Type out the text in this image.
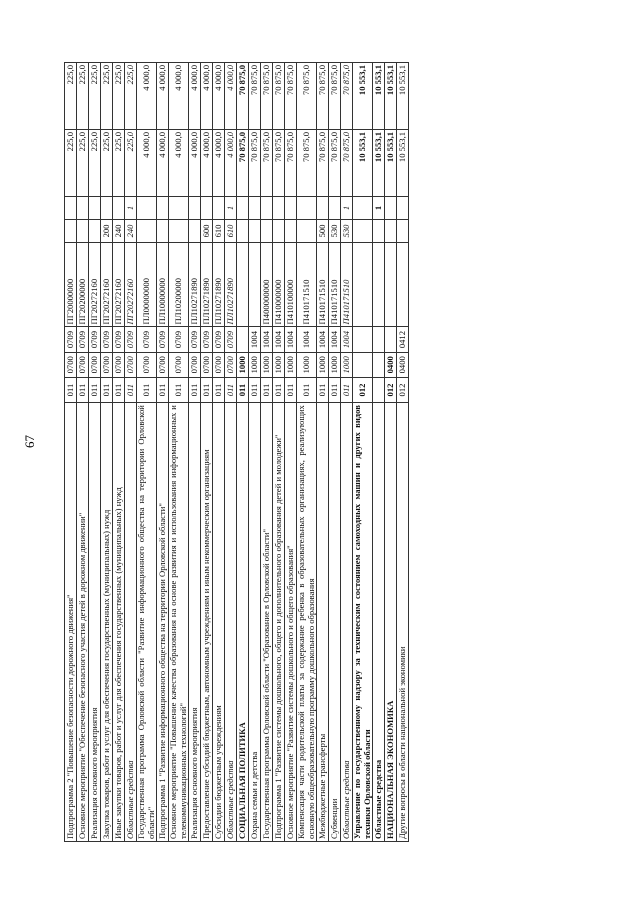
67
Подпрограмма 2 "Повышение безопасности дорожного движения"	011	0700	0709	ПГ20000000			225,0	225,0
Основное мероприятие "Обеспечение безопасного участия детей в дорожном движении"	011	0700	0709	ПГ20200000			225,0	225,0
Реализация основного мероприятия	011	0700	0709	ПГ20272160			225,0	225,0
Закупка товаров, работ и услуг для обеспечения государственных (муниципальных) нужд	011	0700	0709	ПГ20272160	200		225,0	225,0
Иные закупки товаров, работ и услуг для обеспечения государственных (муниципальных) нужд	011	0700	0709	ПГ20272160	240		225,0	225,0
Областные средства	011	0700	0709	ПГ20272160	240	1	225,0	225,0
Государственная программа Орловской области "Развитие информационного общества на территории Орловской области"	011	0700	0709	ПЛ00000000			4 000,0	4 000,0
Подпрограмма 1 "Развитие информационного общества на территории Орловской области"	011	0700	0709	ПЛ10000000			4 000,0	4 000,0
Основное мероприятие "Повышение качества образования на основе развития и использования информационных и телекоммуникационных технологий"	011	0700	0709	ПЛ10200000			4 000,0	4 000,0
Реализация основного мероприятия	011	0700	0709	ПЛ10271890			4 000,0	4 000,0
Предоставление субсидий бюджетным, автономным учреждениям и иным некоммерческим организациям	011	0700	0709	ПЛ10271890	600		4 000,0	4 000,0
Субсидии бюджетным учреждениям	011	0700	0709	ПЛ10271890	610		4 000,0	4 000,0
Областные средства	011	0700	0709	ПЛ10271890	610	1	4 000,0	4 000,0
СОЦИАЛЬНАЯ ПОЛИТИКА	011	1000					70 875,0	70 875,0
Охрана семьи и детства	011	1000	1004				70 875,0	70 875,0
Государственная программа Орловской области "Образование в Орловской области"	011	1000	1004	П400000000			70 875,0	70 875,0
Подпрограмма 1 "Развитие системы дошкольного, общего и дополнительного образования детей и молодежи"	011	1000	1004	П410000000			70 875,0	70 875,0
Основное мероприятие "Развитие системы дошкольного и общего образования"	011	1000	1004	П410100000			70 875,0	70 875,0
Компенсация части родительской платы за содержание ребенка в образовательных организациях, реализующих основную общеобразовательную программу дошкольного образования	011	1000	1004	П410171510			70 875,0	70 875,0
Межбюджетные трансферты	011	1000	1004	П410171510	500		70 875,0	70 875,0
Субвенции	011	1000	1004	П410171510	530		70 875,0	70 875,0
Областные средства	011	1000	1004	П410171510	530	1	70 875,0	70 875,0
Управление по государственному надзору за техническим состоянием самоходных машин и других видов техники Орловской области	012						10 553,1	10 553,1
Областные средства						1	10 553,1	10 553,1
НАЦИОНАЛЬНАЯ ЭКОНОМИКА	012	0400					10 553,1	10 553,1
Другие вопросы в области национальной экономики	012	0400	0412				10 553,1	10 553,1
